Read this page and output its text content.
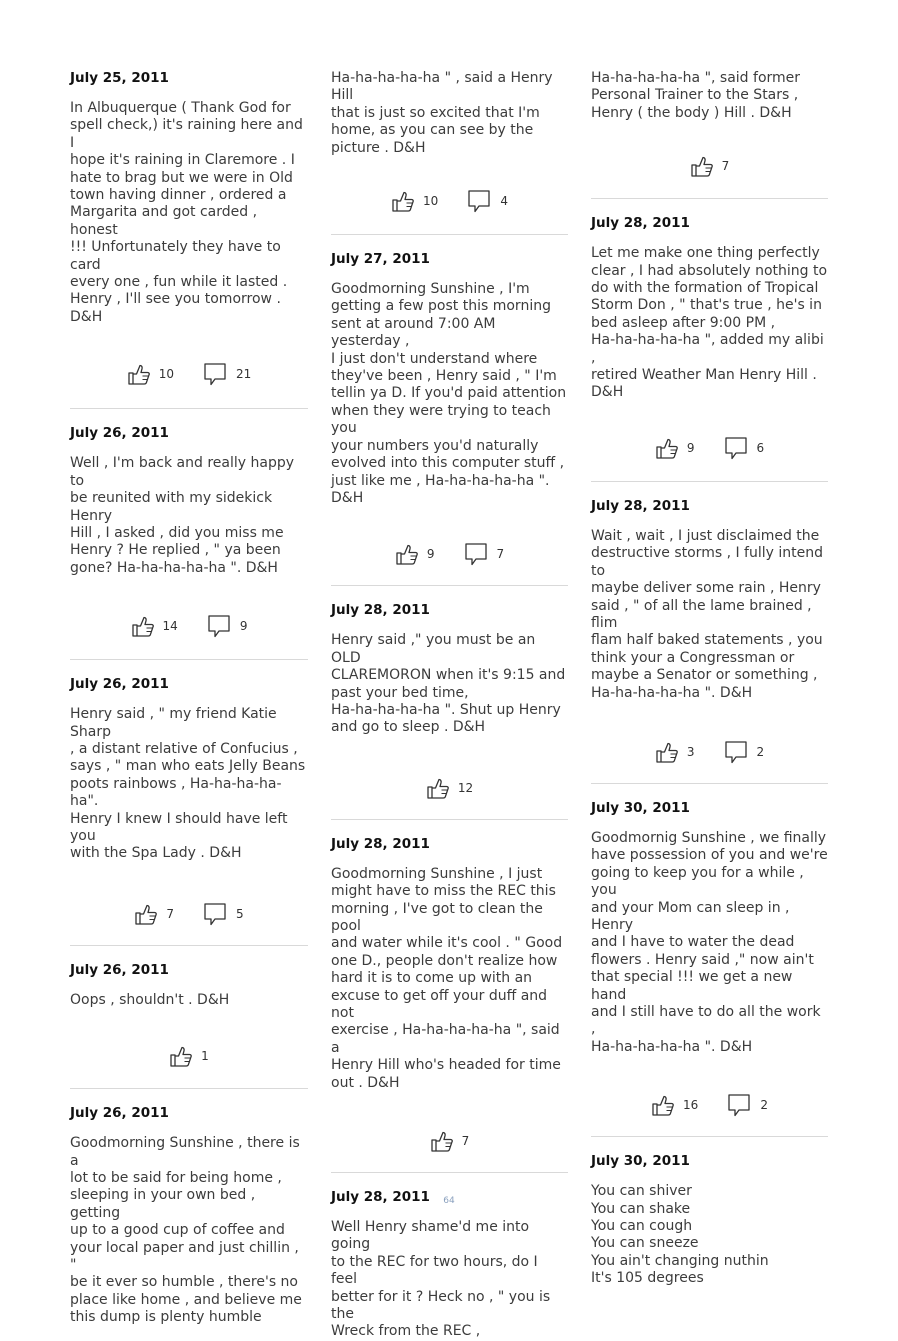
July 25, 2011
In Albuquerque ( Thank God for
spell check,) it's raining here and I
hope it's raining in Claremore . I
hate to brag but we were in Old
town having dinner , ordered a
Margarita and got carded , honest
!!! Unfortunately they have to card
every one , fun while it lasted .
Henry , I'll see you tomorrow . D&H
10	21
July 26, 2011
Well , I'm back and really happy to
be reunited with my sidekick Henry
Hill , I asked , did you miss me
Henry ? He replied , " ya been
gone? Ha-ha-ha-ha-ha ". D&H
14	9
July 26, 2011
Henry said , " my friend Katie Sharp
, a distant relative of Confucius ,
says , " man who eats Jelly Beans
poots rainbows , Ha-ha-ha-ha-ha".
Henry I knew I should have left you
with the Spa Lady . D&H
7	5
July 26, 2011
Oops , shouldn't . D&H
1
July 26, 2011
Goodmorning Sunshine , there is a
lot to be said for being home ,
sleeping in your own bed , getting
up to a good cup of coffee and
your local paper and just chillin , "
be it ever so humble , there's no
place like home , and believe me
this dump is plenty humble
Ha-ha-ha-ha-ha " , said a Henry Hill
that is just so excited that I'm
home, as you can see by the
picture . D&H
10	4
July 27, 2011
Goodmorning Sunshine , I'm
getting a few post this morning
sent at around 7:00 AM yesterday ,
I just don't understand where
they've been , Henry said , " I'm
tellin ya D. If you'd paid attention
when they were trying to teach you
your numbers you'd naturally
evolved into this computer stuff ,
just like me , Ha-ha-ha-ha-ha ".
D&H
9	7
July 28, 2011
Henry said ," you must be an OLD
CLAREMORON when it's 9:15 and
past your bed time,
Ha-ha-ha-ha-ha ". Shut up Henry
and go to sleep . D&H
12
July 28, 2011
Goodmorning Sunshine , I just
might have to miss the REC this
morning , I've got to clean the pool
and water while it's cool . " Good
one D., people don't realize how
hard it is to come up with an
excuse to get off your duff and not
exercise , Ha-ha-ha-ha-ha ", said a
Henry Hill who's headed for time
out . D&H
7
July 28, 2011
Well Henry shame'd me into going
to the REC for two hours, do I feel
better for it ? Heck no , " you is the
Wreck from the REC ,
Ha-ha-ha-ha-ha ", said former
Personal Trainer to the Stars ,
Henry ( the body ) Hill . D&H
7
July 28, 2011
Let me make one thing perfectly
clear , I had absolutely nothing to
do with the formation of Tropical
Storm Don , " that's true , he's in
bed asleep after 9:00 PM ,
Ha-ha-ha-ha-ha ", added my alibi ,
retired Weather Man Henry Hill .
D&H
9	6
July 28, 2011
Wait , wait , I just disclaimed the
destructive storms , I fully intend to
maybe deliver some rain , Henry
said , " of all the lame brained , flim
flam half baked statements , you
think your a Congressman or
maybe a Senator or something ,
Ha-ha-ha-ha-ha ". D&H
3	2
July 30, 2011
Goodmornig Sunshine , we finally
have possession of you and we're
going to keep you for a while , you
and your Mom can sleep in , Henry
and I have to water the dead
flowers . Henry said ," now ain't
that special !!! we get a new hand
and I still have to do all the work ,
Ha-ha-ha-ha-ha ". D&H
16	2
July 30, 2011
You can shiver
You can shake
You can cough
You can sneeze
You ain't changing nuthin
It's 105 degrees
64
